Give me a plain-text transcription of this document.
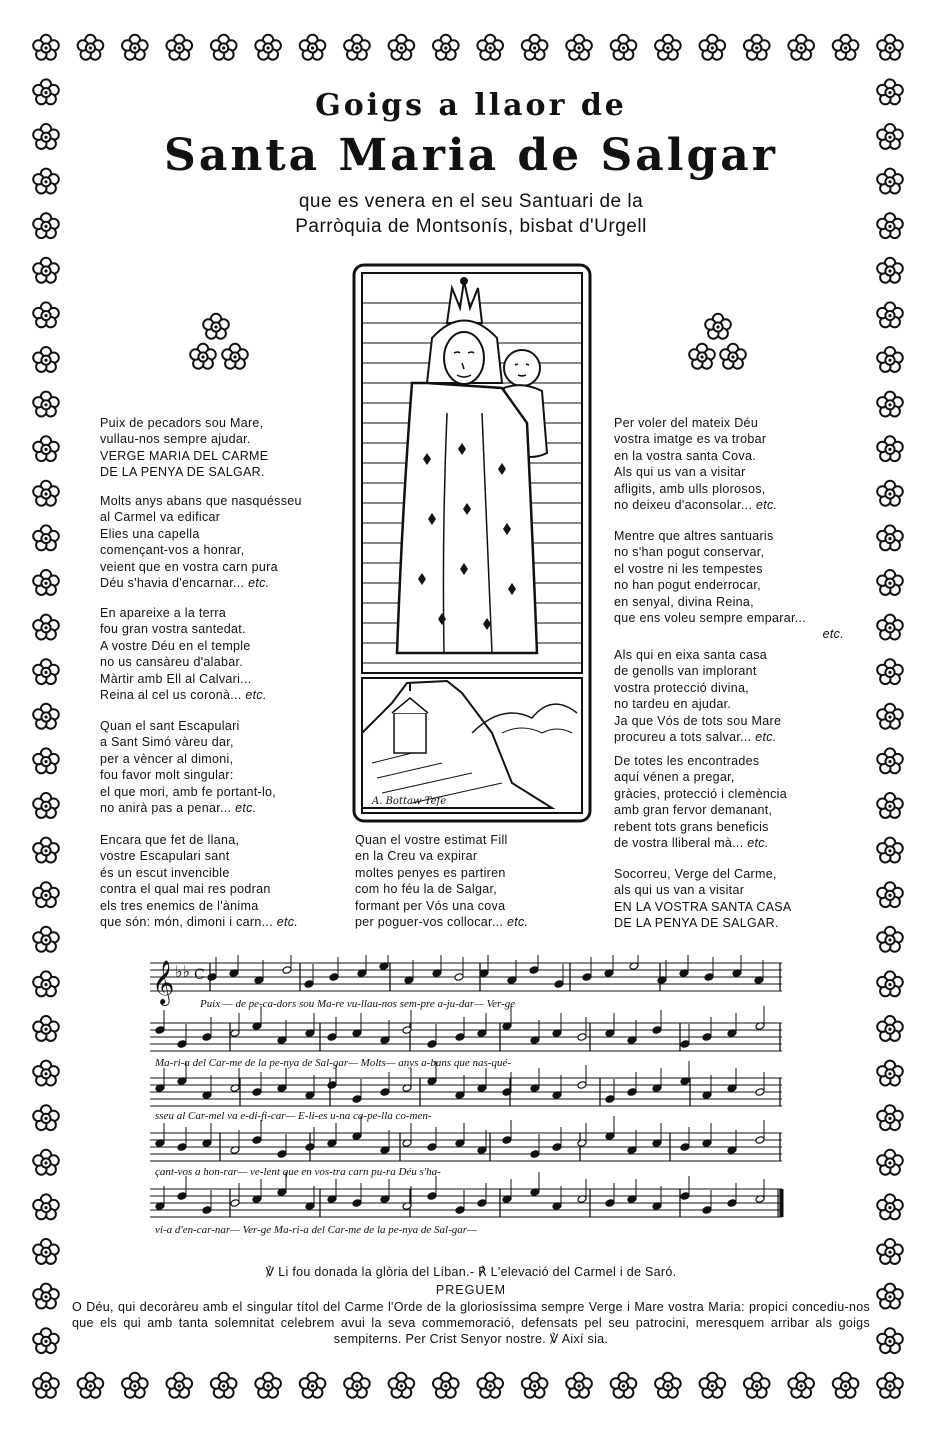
Goigs a llaor de
Santa Maria de Salgar
que es venera en el seu Santuari de la
Parròquia de Montsonís, bisbat d'Urgell
A. Bottaw Tefe
Puix de pecadors sou Mare,
vullau-nos sempre ajudar.
VERGE MARIA DEL CARME
DE LA PENYA DE SALGAR.
Molts anys abans que nasquésseu
al Carmel va edificar
Elies una capella
començant-vos a honrar,
veient que en vostra carn pura
Déu s'havia d'encarnar... etc.
En apareixe a la terra
fou gran vostra santedat.
A vostre Déu en el temple
no us cansàreu d'alabar.
Màrtir amb Ell al Calvari...
Reina al cel us coronà... etc.
Quan el sant Escapulari
a Sant Simó vàreu dar,
per a vèncer al dimoni,
fou favor molt singular:
el que mori, amb fe portant-lo,
no anirà pas a penar... etc.
Encara que fet de llana,
vostre Escapulari sant
és un escut invencible
contra el qual mai res podran
els tres enemics de l'ànima
que són: món, dimoni i carn... etc.
Quan el vostre estimat Fill
en la Creu va expirar
moltes penyes es partiren
com ho féu la de Salgar,
formant per Vós una cova
per poguer-vos collocar... etc.
Per voler del mateix Déu
vostra imatge es va trobar
en la vostra santa Cova.
Als qui us van a visitar
afligits, amb ulls plorosos,
no deixeu d'aconsolar... etc.
Mentre que altres santuaris
no s'han pogut conservar,
el vostre ni les tempestes
no han pogut enderrocar,
en senyal, divina Reina,
que ens voleu sempre emparar...
etc.
Als qui en eixa santa casa
de genolls van implorant
vostra protecció divina,
no tardeu en ajudar.
Ja que Vós de tots sou Mare
procureu a tots salvar... etc.
De totes les encontrades
aquí vénen a pregar,
gràcies, protecció i clemència
amb gran fervor demanant,
rebent tots grans beneficis
de vostra lliberal mà... etc.
Socorreu, Verge del Carme,
als qui us van a visitar
EN LA VOSTRA SANTA CASA
DE LA PENYA DE SALGAR.
𝄞 ♭♭ C
Puix — de pe-ca-dors sou Ma-re vu-llau-nos sem-pre a-ju-dar— Ver-ge
Ma-ri-a del Car-me de la pe-nya de Sal-gar— Molts— anys a-bans que nas-qué-
sseu al Car-mel va e-di-fi-car— E-li-es u-na ca-pe-lla co-men-
çant-vos a hon-rar— ve-lent que en vos-tra carn pu-ra Déu s'ha-
vi-a d'en-car-nar— Ver-ge Ma-ri-a del Car-me de la pe-nya de Sal-gar—
℣ Li fou donada la glòria del Líban.- ℟ L'elevació del Carmel i de Saró.
PREGUEM
O Déu, qui decoràreu amb el singular títol del Carme l'Orde de la gloriosíssima sempre Verge i Mare vostra Maria: propici concediu-nos que els qui amb tanta solemnitat celebrem avui la seva commemoració, defensats pel seu patrocini, meresquem arribar als goigs sempiterns. Per Crist Senyor nostre. ℣ Així sia.
